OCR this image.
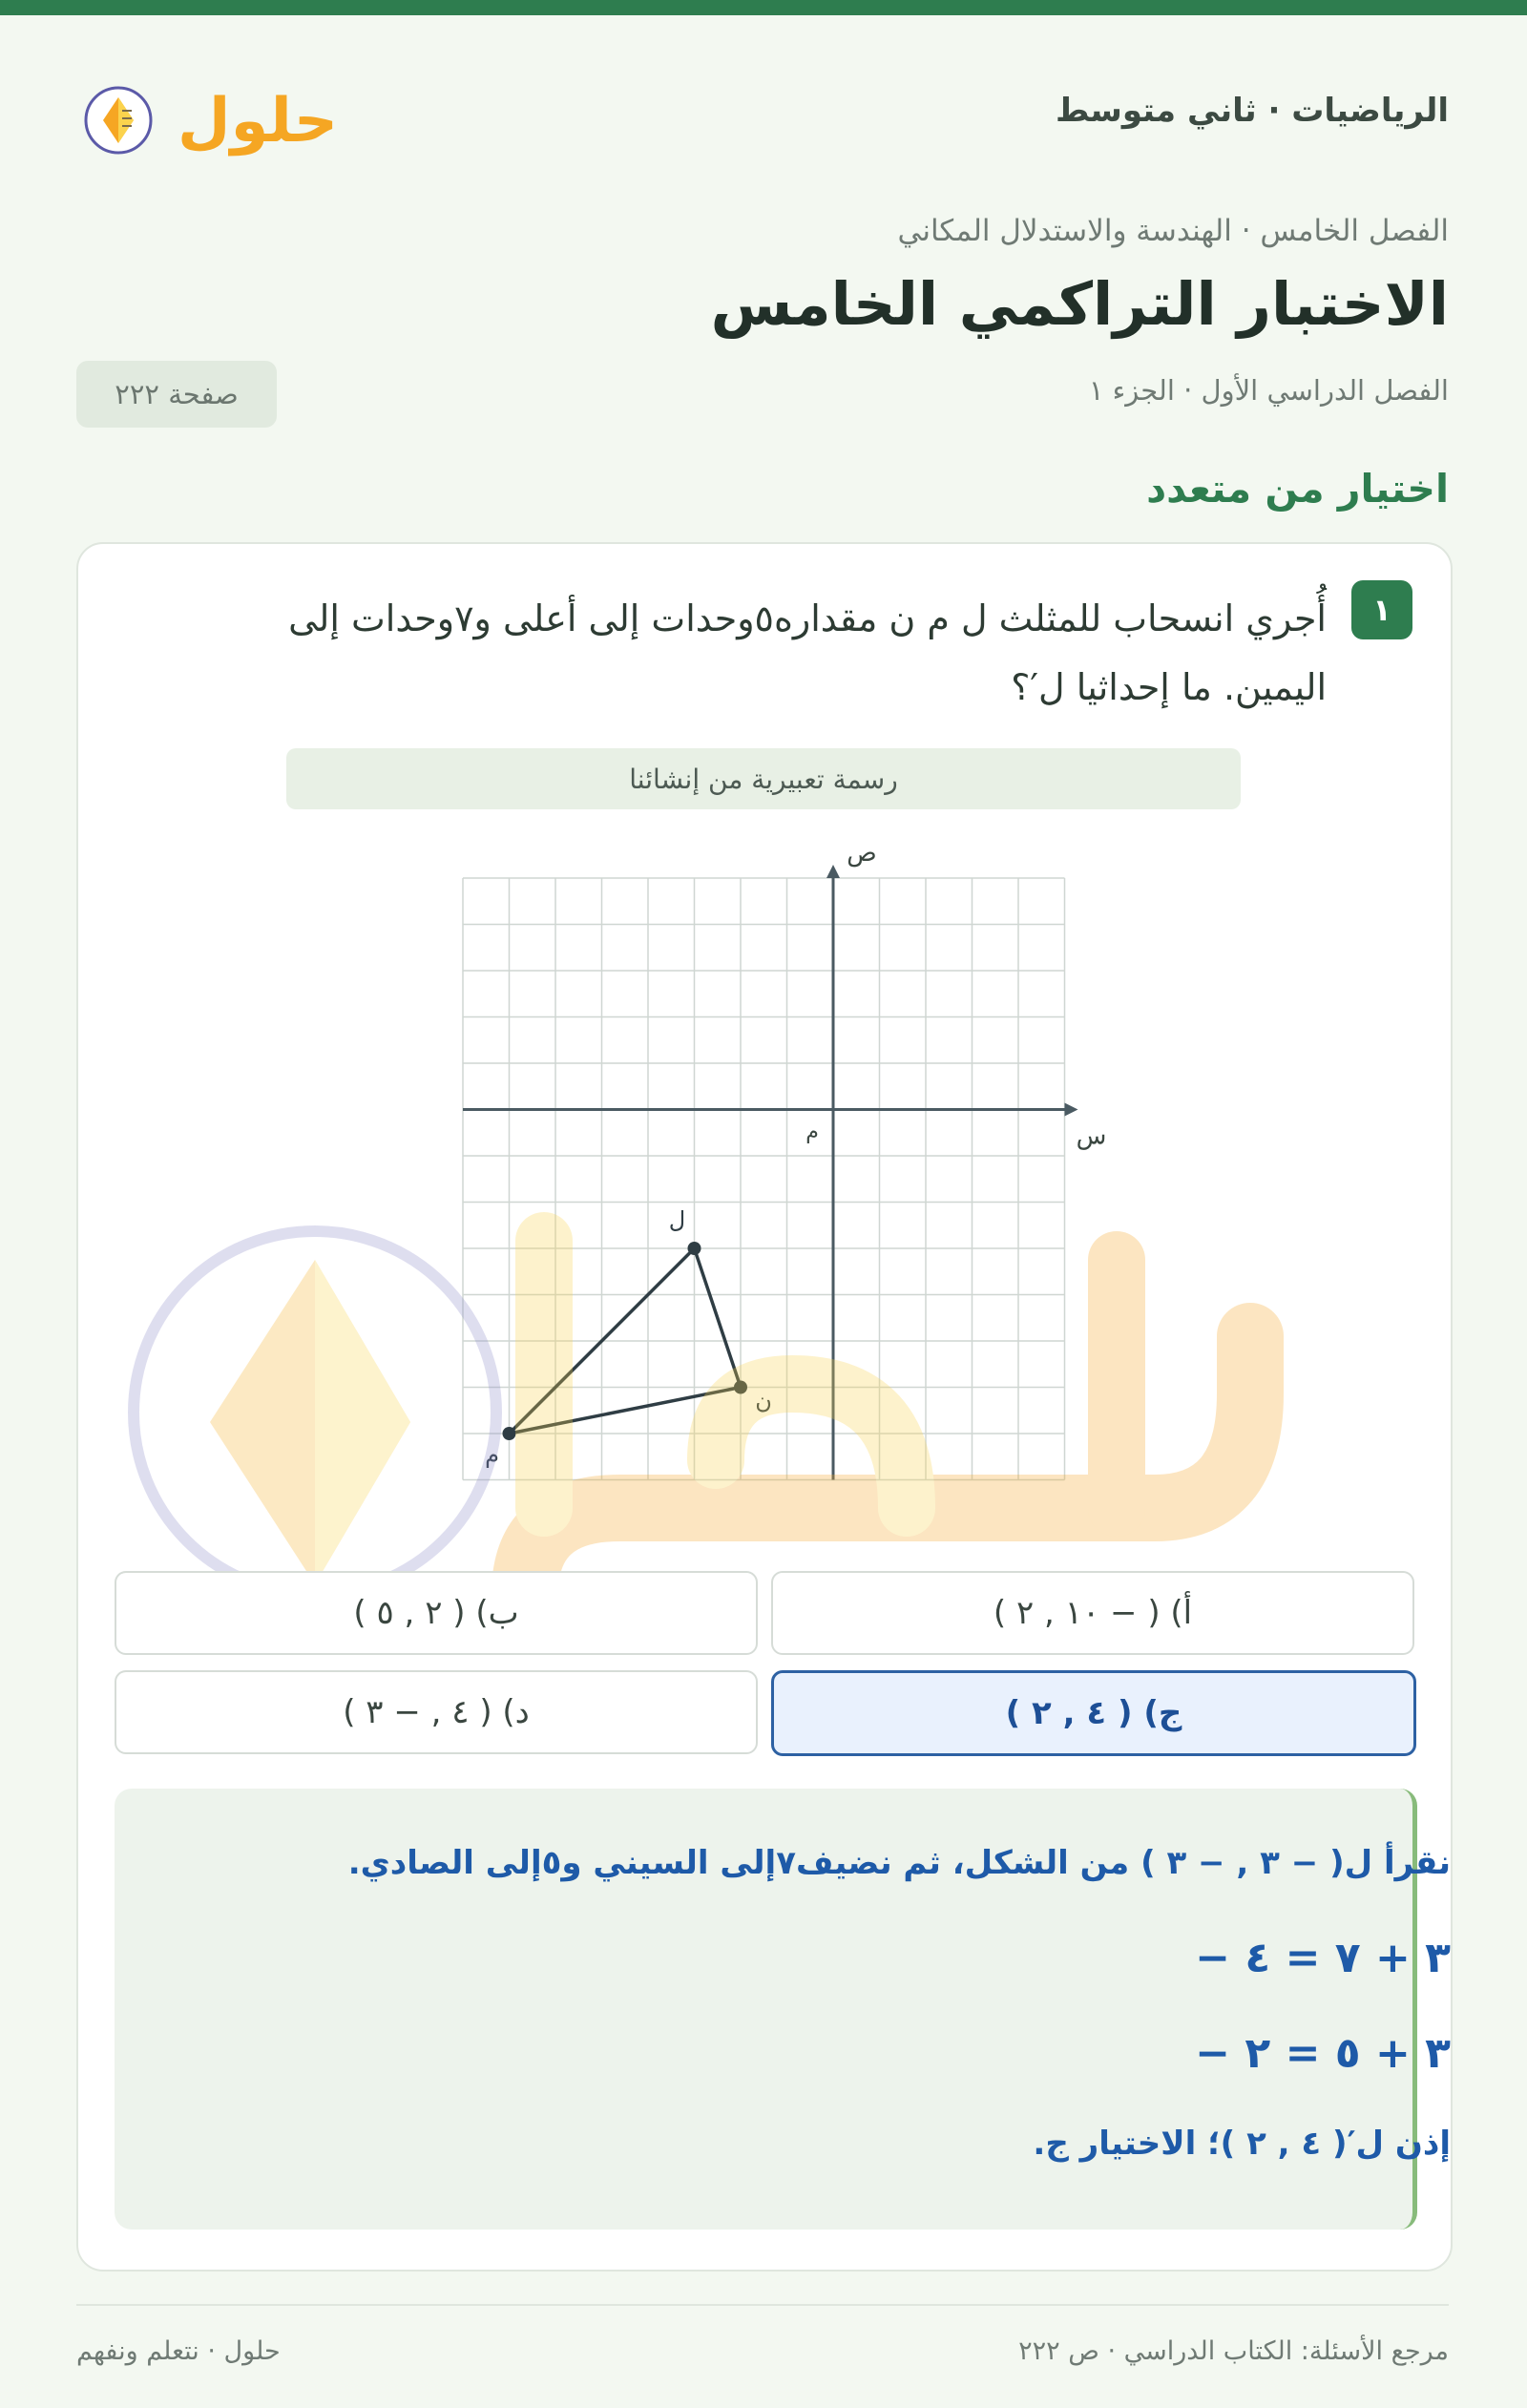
الرياضيات · ثاني متوسط
حلول
الفصل الخامس · الهندسة والاستدلال المكاني
الاختبار التراكمي الخامس
الفصل الدراسي الأول · الجزء ١
صفحة ٢٢٢
اختيار من متعدد
١
أُجري انسحاب للمثلث ل م ن مقداره٥وحدات إلى أعلى و٧وحدات إلى اليمين. ما إحداثيا ل′؟
رسمة تعبيرية من إنشائنا
ص
س
م
ل
ن
م
أ) ( − ١٠ , ٢ )
ب) ( ٢ , ٥ )
ج) ( ٤ , ٢ )
د) ( ٤ , − ٣ )
نقرأ ل( − ٣ , − ٣ ) من الشكل، ثم نضيف٧إلى السيني و٥إلى الصادي.
− ٣ + ٧ = ٤
− ٣ + ٥ = ٢
إذن ل′( ٤ , ٢ )؛ الاختيار ج.
مرجع الأسئلة: الكتاب الدراسي · ص ٢٢٢
حلول · نتعلم ونفهم
